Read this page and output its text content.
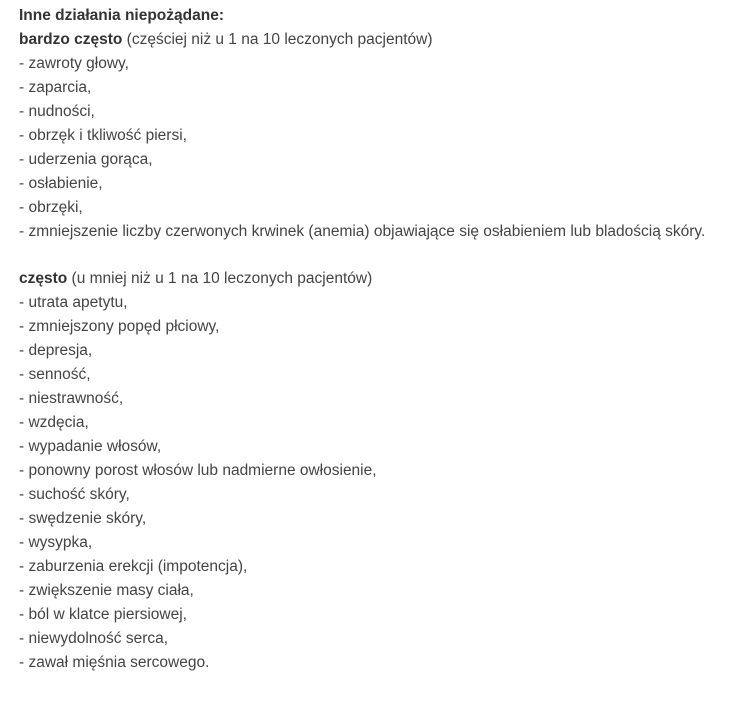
Inne działania niepożądane:
bardzo często (częściej niż u 1 na 10 leczonych pacjentów)
- zawroty głowy,
- zaparcia,
- nudności,
- obrzęk i tkliwość piersi,
- uderzenia gorąca,
- osłabienie,
- obrzęki,
- zmniejszenie liczby czerwonych krwinek (anemia) objawiające się osłabieniem lub bladością skóry.
często (u mniej niż u 1 na 10 leczonych pacjentów)
- utrata apetytu,
- zmniejszony popęd płciowy,
- depresja,
- senność,
- niestrawność,
- wzdęcia,
- wypadanie włosów,
- ponowny porost włosów lub nadmierne owłosienie,
- suchość skóry,
- swędzenie skóry,
- wysypka,
- zaburzenia erekcji (impotencja),
- zwiększenie masy ciała,
- ból w klatce piersiowej,
- niewydolność serca,
- zawał mięśnia sercowego.
